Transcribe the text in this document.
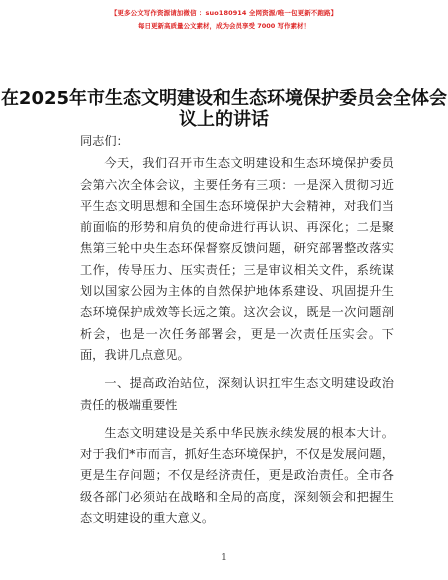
【更多公文写作资源请加微信 ：suo180914 全网资源/唯一包更新不跑路】
每日更新高质量公文素材，成为会员享受 7000 写作素材！
在2025年市生态文明建设和生态环境保护委员会全体会议上的讲话

同志们：

今天，我们召开市生态文明建设和生态环境保护委员会第六次全体会议，主要任务有三项：一是深入贯彻习近平生态文明思想和全国生态环境保护大会精神，对我们当前面临的形势和肩负的使命进行再认识、再深化；二是聚焦第三轮中央生态环保督察反馈问题，研究部署整改落实工作，传导压力、压实责任；三是审议相关文件，系统谋划以国家公园为主体的自然保护地体系建设、巩固提升生态环境保护成效等长远之策。这次会议，既是一次问题剖析会，也是一次任务部署会，更是一次责任压实会。下面，我讲几点意见。

一、提高政治站位，深刻认识扛牢生态文明建设政治责任的极端重要性

生态文明建设是关系中华民族永续发展的根本大计。对于我们*市而言，抓好生态环境保护，不仅是发展问题，更是生存问题；不仅是经济责任，更是政治责任。全市各级各部门必须站在战略和全局的高度，深刻领会和把握生态文明建设的重大意义。

1
